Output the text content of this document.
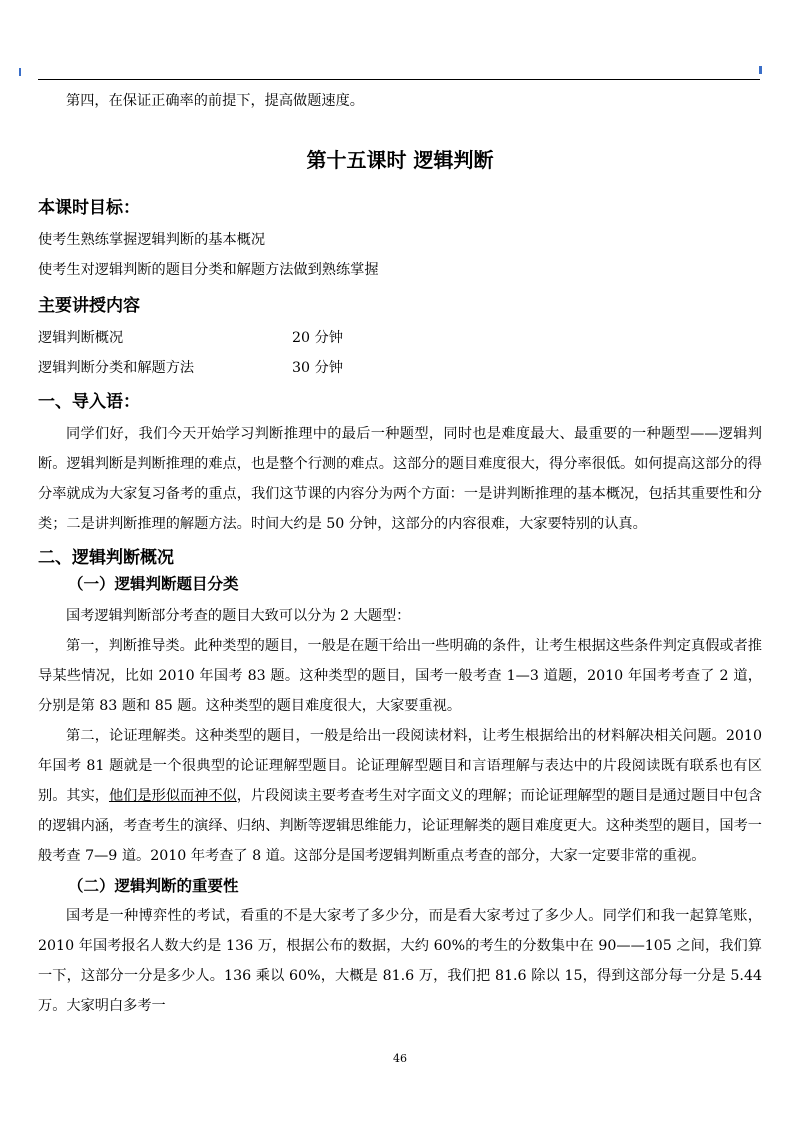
第四，在保证正确率的前提下，提高做题速度。

第十五课时 逻辑判断
本课时目标：

使考生熟练掌握逻辑判断的基本概况

使考生对逻辑判断的题目分类和解题方法做到熟练掌握

主要讲授内容
逻辑判断概况	20 分钟
逻辑判断分类和解题方法	30 分钟
一、导入语：

同学们好，我们今天开始学习判断推理中的最后一种题型，同时也是难度最大、最重要的一种题型——逻辑判断。逻辑判断是判断推理的难点，也是整个行测的难点。这部分的题目难度很大，得分率很低。如何提高这部分的得分率就成为大家复习备考的重点，我们这节课的内容分为两个方面：一是讲判断推理的基本概况，包括其重要性和分类；二是讲判断推理的解题方法。时间大约是 50 分钟，这部分的内容很难，大家要特别的认真。

二、逻辑判断概况
（一）逻辑判断题目分类

国考逻辑判断部分考查的题目大致可以分为 2 大题型：

第一，判断推导类。此种类型的题目，一般是在题干给出一些明确的条件，让考生根据这些条件判定真假或者推导某些情况，比如 2010 年国考 83 题。这种类型的题目，国考一般考查 1—3 道题，2010 年国考考查了 2 道，分别是第 83 题和 85 题。这种类型的题目难度很大，大家要重视。

第二，论证理解类。这种类型的题目，一般是给出一段阅读材料，让考生根据给出的材料解决相关问题。2010 年国考 81 题就是一个很典型的论证理解型题目。论证理解型题目和言语理解与表达中的片段阅读既有联系也有区别。其实，他们是形似而神不似，片段阅读主要考查考生对字面文义的理解；而论证理解型的题目是通过题目中包含的逻辑内涵，考查考生的演绎、归纳、判断等逻辑思维能力，论证理解类的题目难度更大。这种类型的题目，国考一般考查 7—9 道。2010 年考查了 8 道。这部分是国考逻辑判断重点考查的部分，大家一定要非常的重视。

（二）逻辑判断的重要性

国考是一种博弈性的考试，看重的不是大家考了多少分，而是看大家考过了多少人。同学们和我一起算笔账，2010 年国考报名人数大约是 136 万，根据公布的数据，大约 60%的考生的分数集中在 90——105 之间，我们算一下，这部分一分是多少人。136 乘以 60%，大概是 81.6 万，我们把 81.6 除以 15，得到这部分每一分是 5.44 万。大家明白多考一

46
